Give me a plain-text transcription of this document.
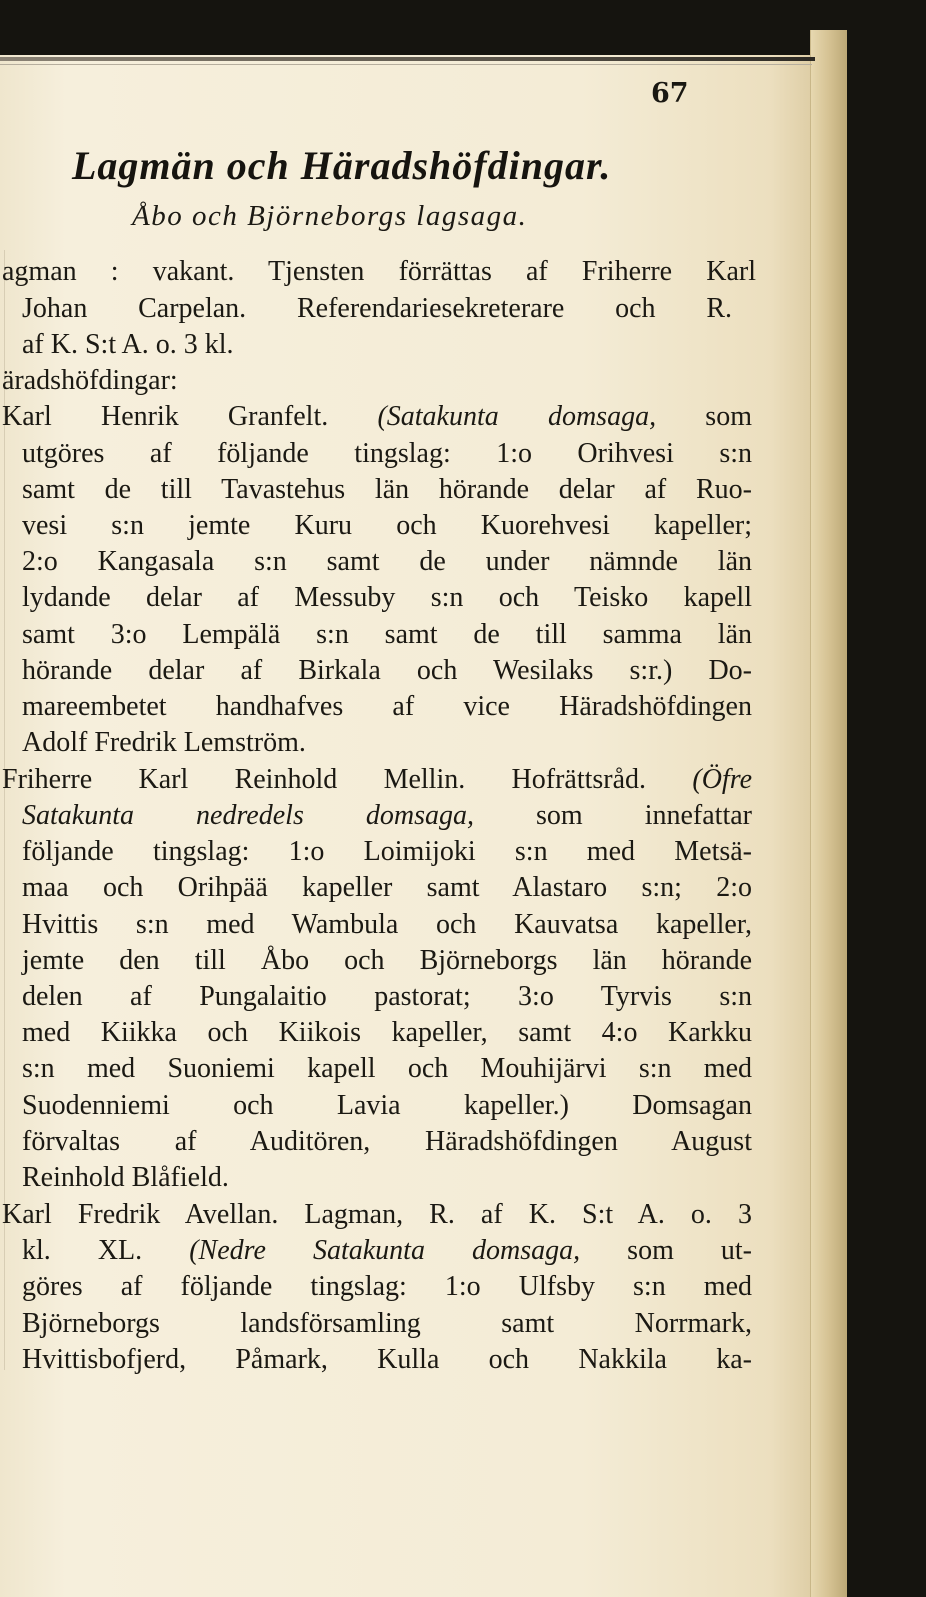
67
Lagmän och Häradshöfdingar.
Åbo och Björneborgs lagsaga.
agman : vakant. Tjensten förrättas af Friherre Karl
Johan Carpelan. Referendariesekreterare och R.
af K. S:t A. o. 3 kl.
äradshöfdingar:
Karl Henrik Granfelt. (Satakunta domsaga, som
utgöres af följande tingslag: 1:o Orihvesi s:n
samt de till Tavastehus län hörande delar af Ruo-
vesi s:n jemte Kuru och Kuorehvesi kapeller;
2:o Kangasala s:n samt de under nämnde län
lydande delar af Messuby s:n och Teisko kapell
samt 3:o Lempälä s:n samt de till samma län
hörande delar af Birkala och Wesilaks s:r.) Do-
mareembetet handhafves af vice Häradshöfdingen
Adolf Fredrik Lemström.
Friherre Karl Reinhold Mellin. Hofrättsråd. (Öfre
Satakunta nedredels domsaga, som innefattar
följande tingslag: 1:o Loimijoki s:n med Metsä-
maa och Orihpää kapeller samt Alastaro s:n; 2:o
Hvittis s:n med Wambula och Kauvatsa kapeller,
jemte den till Åbo och Björneborgs län hörande
delen af Pungalaitio pastorat; 3:o Tyrvis s:n
med Kiikka och Kiikois kapeller, samt 4:o Karkku
s:n med Suoniemi kapell och Mouhijärvi s:n med
Suodenniemi och Lavia kapeller.) Domsagan
förvaltas af Auditören, Häradshöfdingen August
Reinhold Blåfield.
Karl Fredrik Avellan. Lagman, R. af K. S:t A. o. 3
kl. XL. (Nedre Satakunta domsaga, som ut-
göres af följande tingslag: 1:o Ulfsby s:n med
Björneborgs landsförsamling samt Norrmark,
Hvittisbofjerd, Påmark, Kulla och Nakkila ka-
